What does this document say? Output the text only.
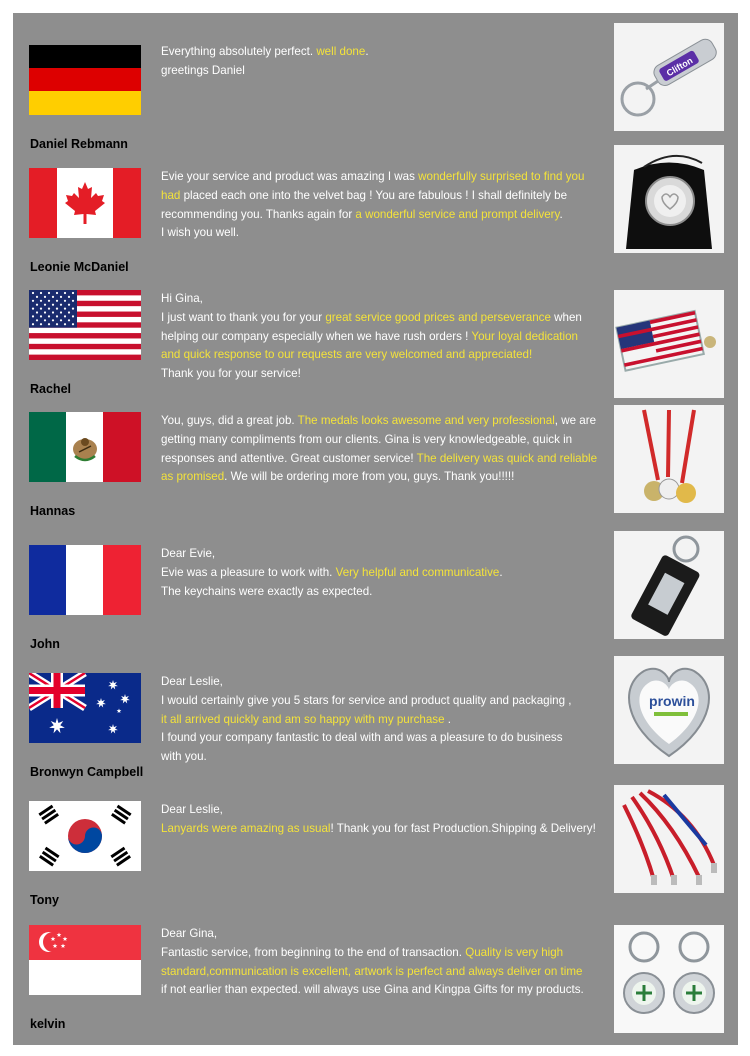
Daniel Rebmann
Everything absolutely perfect. well done.
greetings Daniel	Clifton
Leonie McDaniel
Evie your service and product was amazing I was wonderfully surprised to find you
had placed each one into the velvet bag ! You are fabulous ! I shall definitely be
recommending you. Thanks again for a wonderful service and prompt delivery.
I wish you well.
Rachel
Hi Gina,
I just want to thank you for your great service good prices and perseverance when
helping our company especially when we have rush orders ! Your loyal dedication
and quick response to our requests are very welcomed and appreciated!
Thank you for your service!
Hannas
You, guys, did a great job. The medals looks awesome and very professional, we are
getting many compliments from our clients. Gina is very knowledgeable, quick in
responses and attentive. Great customer service! The delivery was quick and reliable
as promised. We will be ordering more from you, guys. Thank you!!!!!
John
Dear Evie,
Evie was a pleasure to work with. Very helpful and communicative.
The keychains were exactly as expected.
Bronwyn Campbell
Dear Leslie,
I would certainly give you 5 stars for service and product quality and packaging ,
it all arrived quickly and am so happy with my purchase .
I found your company fantastic to deal with and was a pleasure to do business
with you.
prowin
Tony
Dear Leslie,
Lanyards were amazing as usual! Thank you for fast Production.Shipping & Delivery!
kelvin
Dear Gina,
Fantastic service, from beginning to the end of transaction. Quality is very high
standard,communication is excellent, artwork is perfect and always deliver on time
if not earlier than expected. will always use Gina and Kingpa Gifts for my products.
